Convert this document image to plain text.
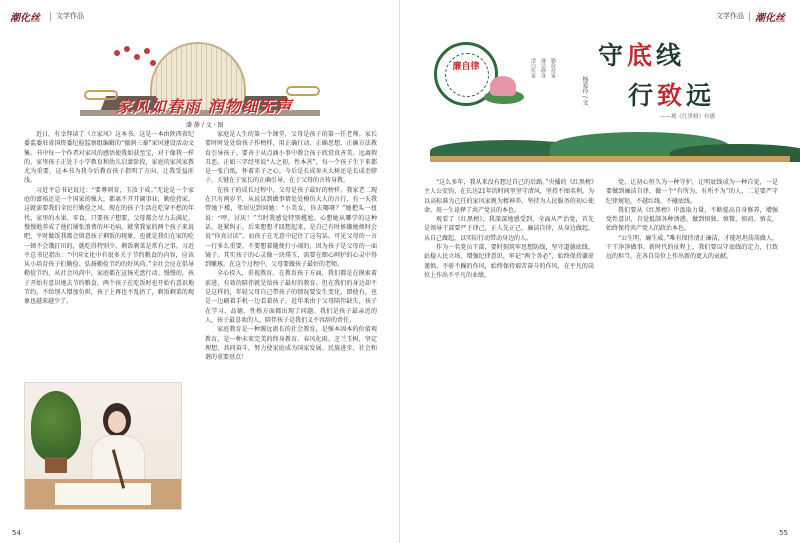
潮化丝 文学作品
家风如春雨 润物细无声
潘 静 / 文 · 图

近日，有幸拜读了《立家风》这本书。这是一本由陕西省纪委监委驻省国资委纪检监察组编辑的“德润三秦”家风建设活动文集。书中每一个作者对家风的感悟使我如获至宝，对于像我一样的，家里孩子正处于小学教育和幼儿启蒙阶段，家庭的家风家教尤为重要，这本书为我今后教育孩子指明了方向，让我受益匪浅。

习近平总书记说过：“要尊则育，玉汝于成。”无论是一个家庭的富裕还是一个国家的强大，都离不开开阔事业，勤俭持家。这就需要我们全民行勤俭之风，现在的孩子生活在吃穿不愁的年代，家里的水果、零食，只要孩子想要，父母都会尽力去满足，慢慢地养成了他们铺张浪费的坏毛病。就拿我家的两个孩子来说吧，平时做饭我都会留意孩子剩饭的现象，也就是我们在家的吃一顿不会饿打田的，就吃得特别少，剩饭剩菜是常有之事。习近平总书记指出：“中国文化中有很多关于节约粮食的内容，应该从小培育孩子们勤俭、弘扬勤俭节约的好风尚。”全社会应在倡导勤俭节约，从社会风尚中，家庭都在宣扬光盘行动。慢慢的，孩子开始有意识地去节约粮食，两个孩子在吃饭时也开始有意识地节约，不给别人增加负担，孩子上再也不乱扔了，剩饭剩菜的现象也越来越少了。

家庭是人生的第一个课堂，父母是孩子的第一任老师。家长要时时处处给孩子作榜样，用正确行动、正确思想、正确方法教育引导孩子。要善于从点滴小事中教会孩子欣赏真善美、远离假丑恶。正如三字经里说“人之初，性本善”，每一个孩子生下来都是一张白纸，怀着赤子之心。今后是长成参天大树还是长成歪脖子，关键在于家长的正确引导，在于父母的言传身教。

在孩子的成长过程中，父母是孩子最好的榜样。我家老二现在只有两岁半，从说话到做事情处处模仿大人的言行，有一天我带她下楼，邻居见到问她：“小美女，你去哪呀？”她把头一扭说：“哼，讨厌！”当时我感觉特别尴尬。心想她从哪学的这种话，赶紧纠正。后来想想才回想起来，是自己有时候嫌她烦时会说“你真讨厌”，而孩子在无意中记住了这句话。可见父母的一言一行多么重要。不要想着随便打小闹的，因为孩子是父母的一面镜子。其实孩子的心灵像一块璞玉，需要在细心呵护的心灵中得到雕琢。在这个过程中，父母要做孩子最好的老师。

全心投入，重视教育。在教育孩子方面，我们都是在摸索着前进，有效的陪伴就是给孩子最好的教育。但在我们的身边却不是这样的，年轻父母自己带孩子的情况要发生变化，即使有，也是一边刷着手机一边看着孩子。近年来由于父母陪伴缺失，孩子在学习、品德、性格方面都出现了问题。我们是孩子最亲近的人，孩子最喜欢的人，陪伴孩子是我们义不容辞的责任。

家庭教育是一种源远流长的社会教育，是强本固本的价值观教育，是一种未来完美的终身教育。春风化雨、芝兰玉树，坚定理想，共同奋斗，努力使家庭成为国家发展、民族进步、社会和谐的重要基点！

54
文学作品 潮化丝
廉自律	清白传家 廉洁修身 勤俭持家 守底线
行致远
杨爱玲 / 文
——观《红黑榜》有感

“这么多年，我从来没有想过自己的后路。”央播的《红黑榜》主人公安钧，在长达21年的时间里坚守清风，坚持不图名利，为以高标准为己任的家风家规为精神养、坚持为人民服务的初心使命，用一生诠释了共产党员的本色。

观看了《红黑榜》，我深深地感受到，全面从严治党，首先是领导干部要严于律己，正人先正己，廉洁自律，从身边做起，从自己做起，以实际行动带动身边的人。

作为一名党员干部，要时刻筑牢思想防线，坚守道德底线，站稳人民立场，增强纪律意识，牢记“两个务必”，始终保持谦虚谨慎、不骄不躁的作风，始终保持艰苦奋斗的作风，在平凡的岗位上作出不平凡的业绩。

党，让初心恒久为一种守护，让明底线成为一种自觉，一是要做到廉洁自律，做一个“有所为，有所不为”的人，二是要严守纪律规矩，不越红线，不碰底线。

我们要从《红黑榜》中汲取力量，不断提高自身修养，增强党性意识，自觉抵制各种诱惑，做到慎独、慎微、慎初、慎友，始终保持共产党人的政治本色。

“公生明，廉生威。”唯有保持清正廉洁，才能坦坦荡荡做人、干干净净做事。新时代的征程上，我们要以守底线的定力，行致远的担当，在各自岗位上作出新的更大的贡献。

55
